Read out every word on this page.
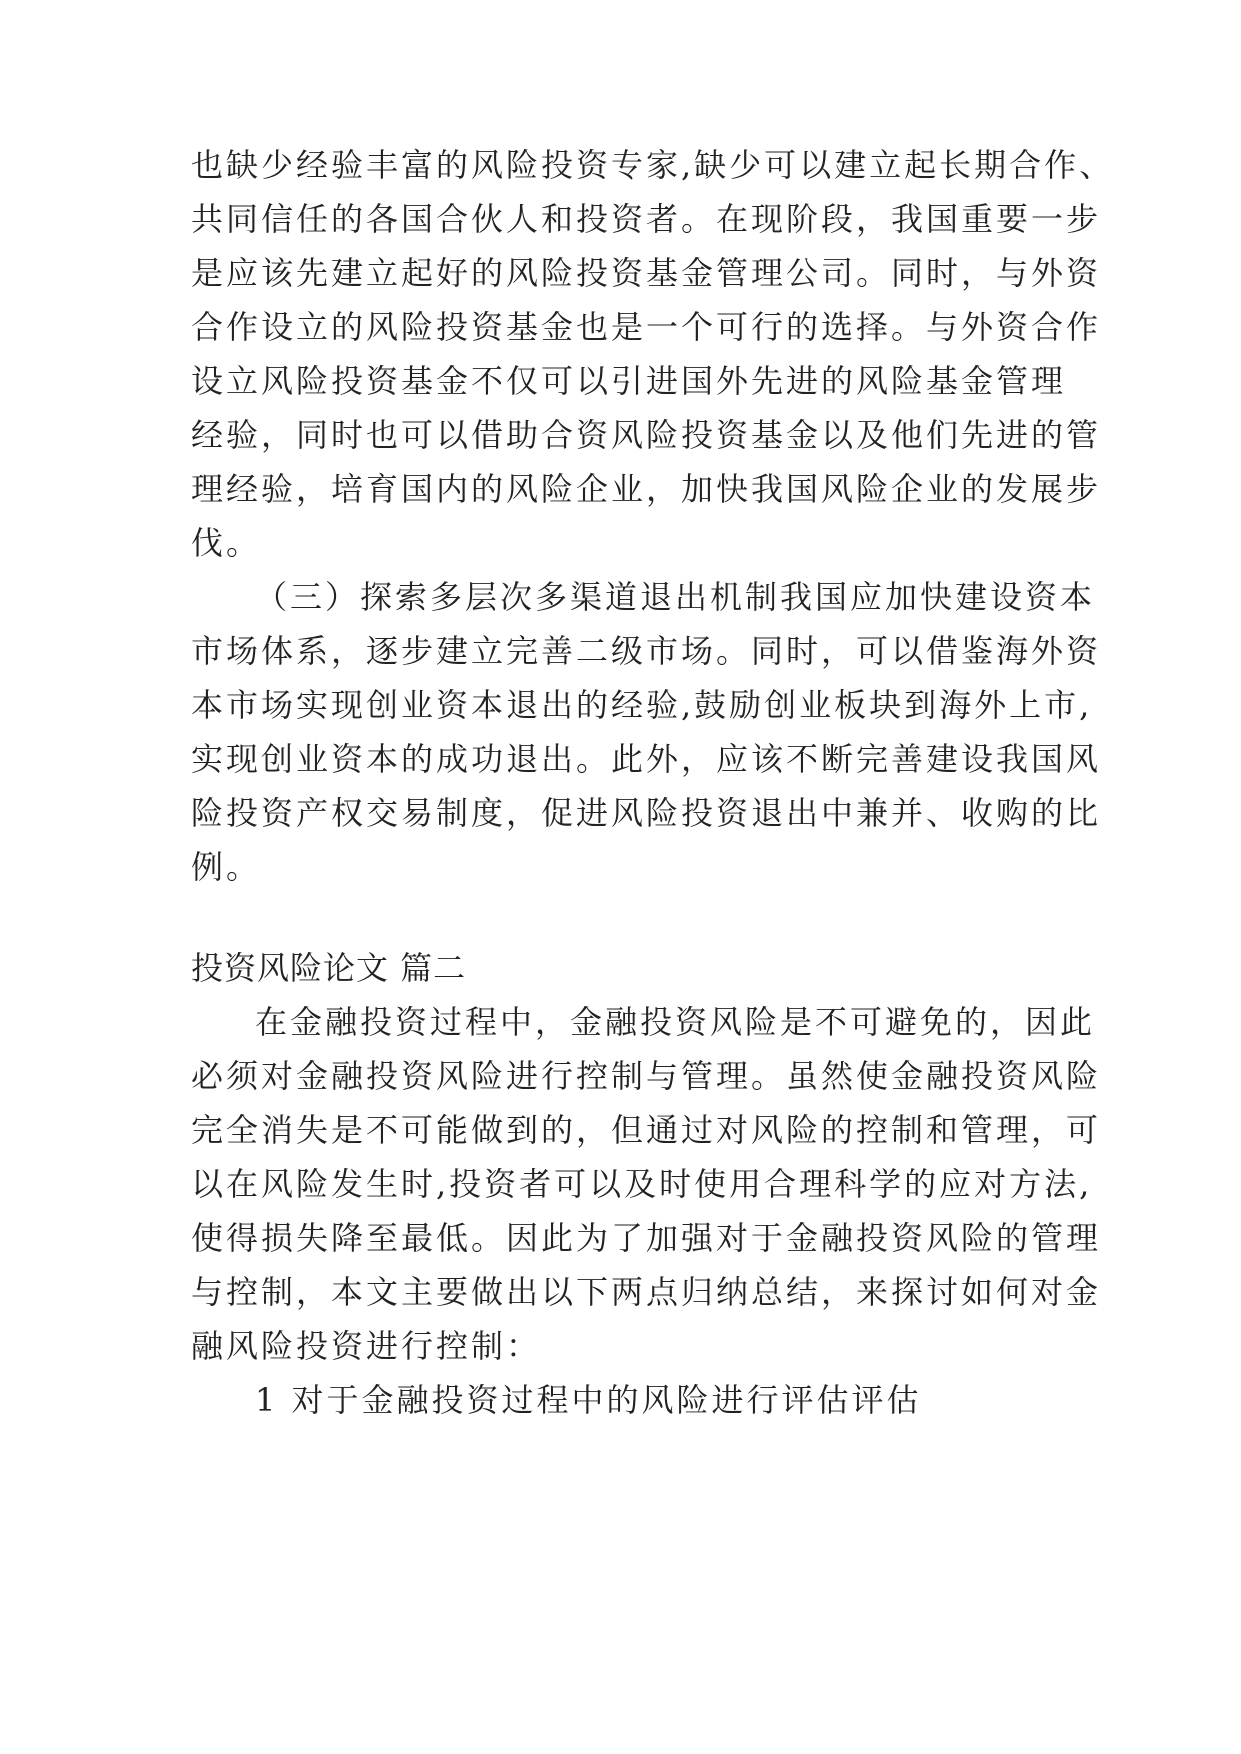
也缺少经验丰富的风险投资专家,缺少可以建立起长期合作、
共同信任的各国合伙人和投资者。在现阶段，我国重要一步
是应该先建立起好的风险投资基金管理公司。同时，与外资
合作设立的风险投资基金也是一个可行的选择。与外资合作
设立风险投资基金不仅可以引进国外先进的风险基金管理
经验，同时也可以借助合资风险投资基金以及他们先进的管
理经验，培育国内的风险企业，加快我国风险企业的发展步
伐。
（三）探索多层次多渠道退出机制我国应加快建设资本
市场体系，逐步建立完善二级市场。同时，可以借鉴海外资
本市场实现创业资本退出的经验,鼓励创业板块到海外上市,
实现创业资本的成功退出。此外，应该不断完善建设我国风
险投资产权交易制度，促进风险投资退出中兼并、收购的比
例。
投资风险论文 篇二
在金融投资过程中，金融投资风险是不可避免的，因此
必须对金融投资风险进行控制与管理。虽然使金融投资风险
完全消失是不可能做到的，但通过对风险的控制和管理，可
以在风险发生时,投资者可以及时使用合理科学的应对方法,
使得损失降至最低。因此为了加强对于金融投资风险的管理
与控制，本文主要做出以下两点归纳总结，来探讨如何对金
融风险投资进行控制：
1 对于金融投资过程中的风险进行评估评估
